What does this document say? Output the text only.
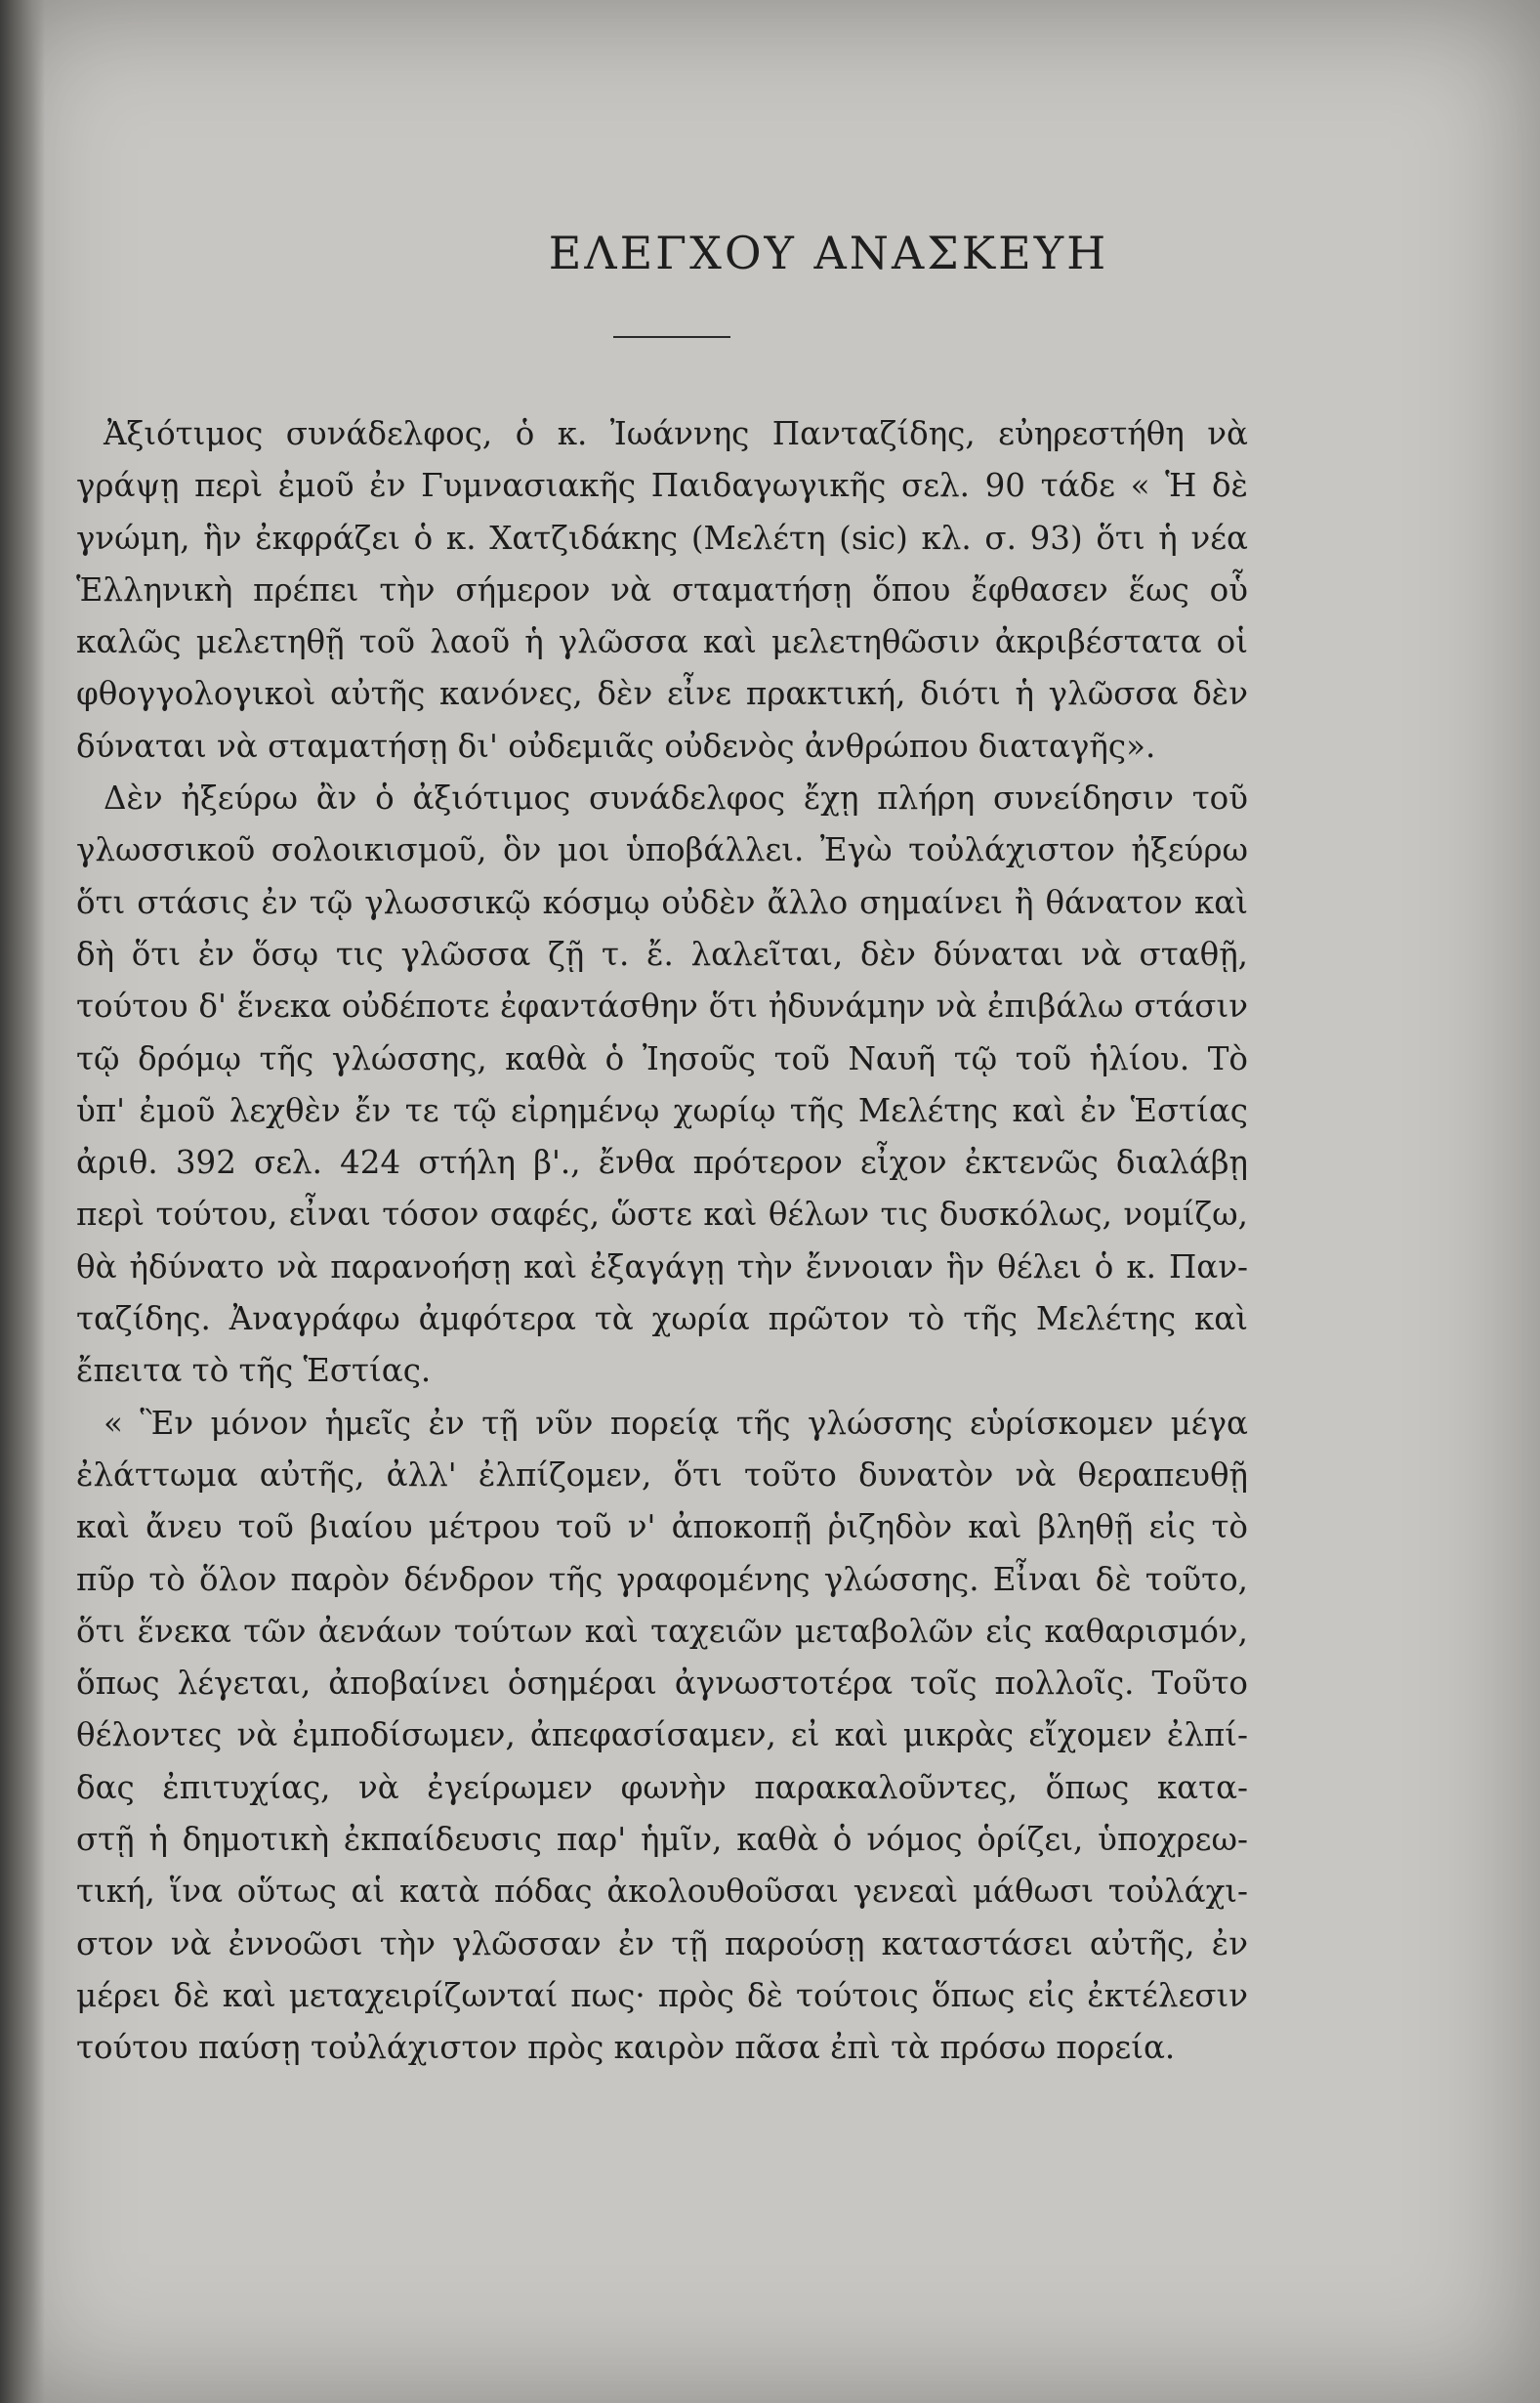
ΕΛΕΓΧΟΥ ΑΝΑΣΚΕΥΗ
Ἀξιότιμος συνάδελφος, ὁ κ. Ἰωάννης Πανταζίδης, εὐηρεστήθη νὰ
γράψῃ περὶ ἐμοῦ ἐν Γυμνασιακῆς Παιδαγωγικῆς σελ. 90 τάδε « Ἡ δὲ
γνώμη, ἣν ἐκφράζει ὁ κ. Χατζιδάκης (Μελέτη (sic) κλ. σ. 93) ὅτι ἡ νέα
Ἑλληνικὴ πρέπει τὴν σήμερον νὰ σταματήσῃ ὅπου ἔφθασεν ἕως οὗ
καλῶς μελετηθῇ τοῦ λαοῦ ἡ γλῶσσα καὶ μελετηθῶσιν ἀκριβέστατα οἱ
φθογγολογικοὶ αὐτῆς κανόνες, δὲν εἶνε πρακτική, διότι ἡ γλῶσσα δὲν
δύναται νὰ σταματήσῃ δι' οὐδεμιᾶς οὐδενὸς ἀνθρώπου διαταγῆς».
Δὲν ἠξεύρω ἂν ὁ ἀξιότιμος συνάδελφος ἔχῃ πλήρη συνείδησιν τοῦ
γλωσσικοῦ σολοικισμοῦ, ὃν μοι ὑποβάλλει. Ἐγὼ τοὐλάχιστον ἠξεύρω
ὅτι στάσις ἐν τῷ γλωσσικῷ κόσμῳ οὐδὲν ἄλλο σημαίνει ἢ θάνατον καὶ
δὴ ὅτι ἐν ὅσῳ τις γλῶσσα ζῇ τ. ἔ. λαλεῖται, δὲν δύναται νὰ σταθῇ,
τούτου δ' ἕνεκα οὐδέποτε ἐφαντάσθην ὅτι ἠδυνάμην νὰ ἐπιβάλω στάσιν
τῷ δρόμῳ τῆς γλώσσης, καθὰ ὁ Ἰησοῦς τοῦ Ναυῆ τῷ τοῦ ἡλίου. Τὸ
ὑπ' ἐμοῦ λεχθὲν ἔν τε τῷ εἰρημένῳ χωρίῳ τῆς Μελέτης καὶ ἐν Ἑστίας
ἀριθ. 392 σελ. 424 στήλη β'., ἔνθα πρότερον εἶχον ἐκτενῶς διαλάβῃ
περὶ τούτου, εἶναι τόσον σαφές, ὥστε καὶ θέλων τις δυσκόλως, νομίζω,
θὰ ἠδύνατο νὰ παρανοήσῃ καὶ ἐξαγάγῃ τὴν ἔννοιαν ἣν θέλει ὁ κ. Παν-
ταζίδης. Ἀναγράφω ἀμφότερα τὰ χωρία πρῶτον τὸ τῆς Μελέτης καὶ
ἔπειτα τὸ τῆς Ἑστίας.
« Ἓν μόνον ἡμεῖς ἐν τῇ νῦν πορείᾳ τῆς γλώσσης εὑρίσκομεν μέγα
ἐλάττωμα αὐτῆς, ἀλλ' ἐλπίζομεν, ὅτι τοῦτο δυνατὸν νὰ θεραπευθῇ
καὶ ἄνευ τοῦ βιαίου μέτρου τοῦ ν' ἀποκοπῇ ῥιζηδὸν καὶ βληθῇ εἰς τὸ
πῦρ τὸ ὅλον παρὸν δένδρον τῆς γραφομένης γλώσσης. Εἶναι δὲ τοῦτο,
ὅτι ἕνεκα τῶν ἀενάων τούτων καὶ ταχειῶν μεταβολῶν εἰς καθαρισμόν,
ὅπως λέγεται, ἀποβαίνει ὁσημέραι ἀγνωστοτέρα τοῖς πολλοῖς. Τοῦτο
θέλοντες νὰ ἐμποδίσωμεν, ἀπεφασίσαμεν, εἰ καὶ μικρὰς εἴχομεν ἐλπί-
δας ἐπιτυχίας, νὰ ἐγείρωμεν φωνὴν παρακαλοῦντες, ὅπως κατα-
στῇ ἡ δημοτικὴ ἐκπαίδευσις παρ' ἡμῖν, καθὰ ὁ νόμος ὁρίζει, ὑποχρεω-
τική, ἵνα οὕτως αἱ κατὰ πόδας ἀκολουθοῦσαι γενεαὶ μάθωσι τοὐλάχι-
στον νὰ ἐννοῶσι τὴν γλῶσσαν ἐν τῇ παρούσῃ καταστάσει αὐτῆς, ἐν
μέρει δὲ καὶ μεταχειρίζωνταί πως· πρὸς δὲ τούτοις ὅπως εἰς ἐκτέλεσιν
τούτου παύσῃ τοὐλάχιστον πρὸς καιρὸν πᾶσα ἐπὶ τὰ πρόσω πορεία.
